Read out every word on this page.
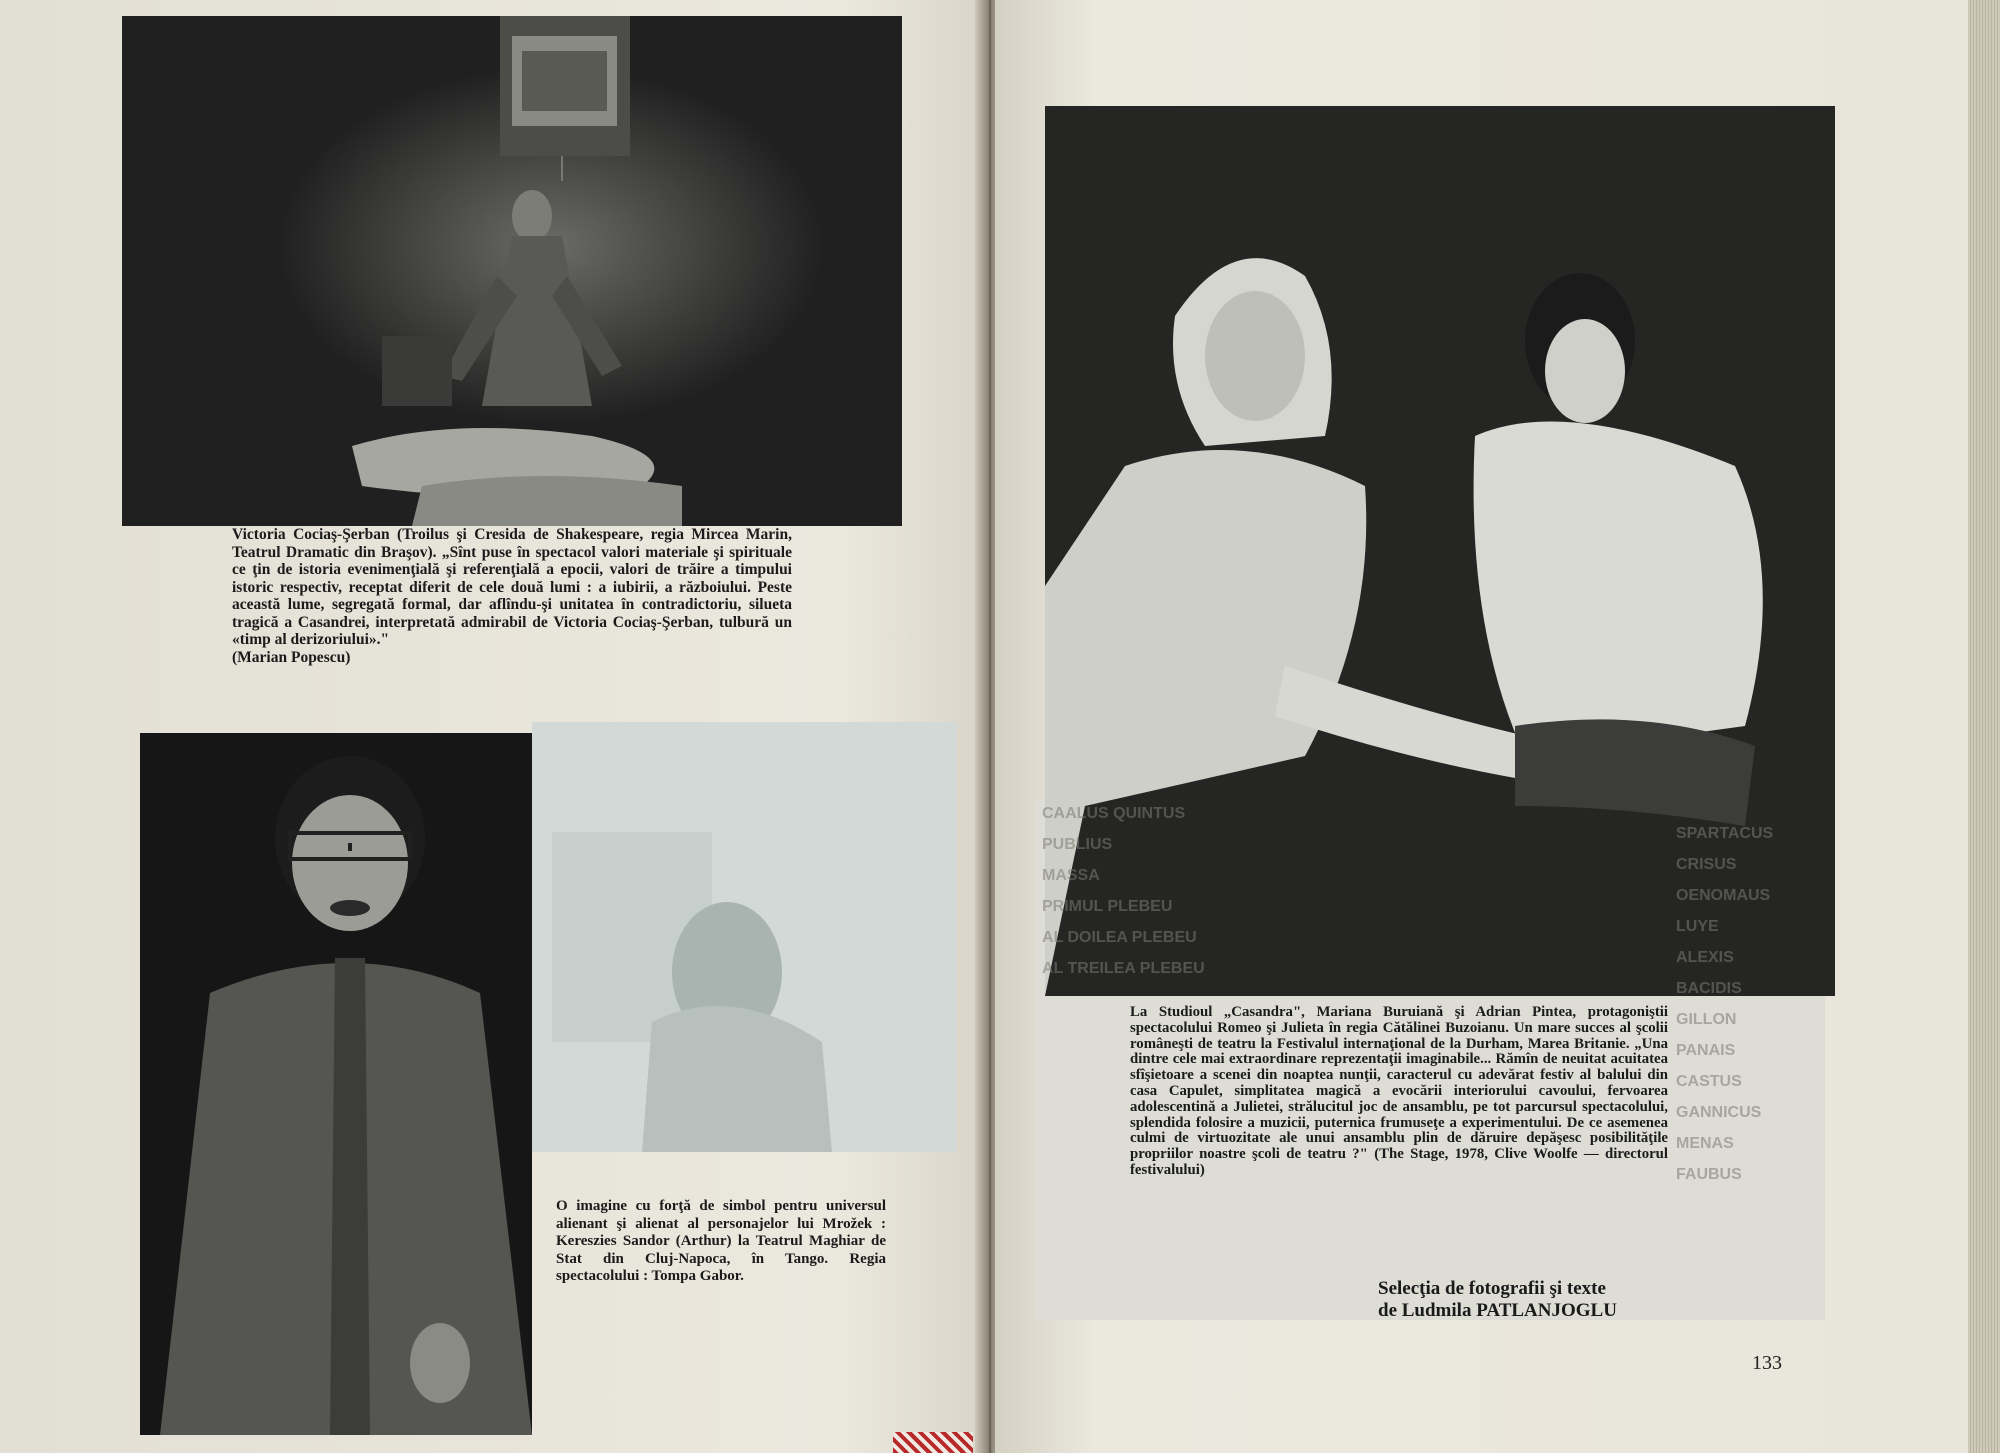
Victoria Cociaş-Şerban (Troilus şi Cresida de Shakespeare, regia Mircea Marin, Teatrul Dramatic din Braşov). „Sînt puse în spectacol valori materiale şi spirituale ce ţin de istoria evenimenţială şi referenţială a epocii, valori de trăire a timpului istoric respectiv, receptat diferit de cele două lumi : a iubirii, a războiului. Peste această lume, segregată formal, dar aflîndu-şi unitatea în contradictoriu, silueta tragică a Casandrei, interpretată admirabil de Victoria Cociaş-Şerban, tulbură un «timp al derizoriului»."
(Marian Popescu)
O imagine cu forţă de simbol pentru universul alienant şi alienat al personajelor lui Mrožek : Kereszies Sandor (Arthur) la Teatrul Maghiar de Stat din Cluj-Napoca, în Tango. Regia spectacolului : Tompa Gabor.
CAALUS QUINTUS
PUBLIUS
MASSA
PRIMUL PLEBEU
AL DOILEA PLEBEU
AL TREILEA PLEBEU
SPARTACUS
CRISUS
OENOMAUS
LUYE
ALEXIS
BACIDIS
GILLON
PANAIS
CASTUS
GANNICUS
MENAS
FAUBUS
La Studioul „Casandra", Mariana Buruiană şi Adrian Pintea, protagoniştii spectacolului Romeo şi Julieta în regia Cătălinei Buzoianu. Un mare succes al şcolii româneşti de teatru la Festivalul internaţional de la Durham, Marea Britanie. „Una dintre cele mai extraordinare reprezentaţii imaginabile... Rămîn de neuitat acuitatea sfîşietoare a scenei din noaptea nunţii, caracterul cu adevărat festiv al balului din casa Capulet, simplitatea magică a evocării interiorului cavoului, fervoarea adolescentină a Julietei, strălucitul joc de ansamblu, pe tot parcursul spectacolului, splendida folosire a muzicii, puternica frumuseţe a experimentului. De ce asemenea culmi de virtuozitate ale unui ansamblu plin de dăruire depăşesc posibilităţile propriilor noastre şcoli de teatru ?" (The Stage, 1978, Clive Woolfe — directorul festivalului)
Selecţia de fotografii şi texte
de Ludmila PATLANJOGLU
133
